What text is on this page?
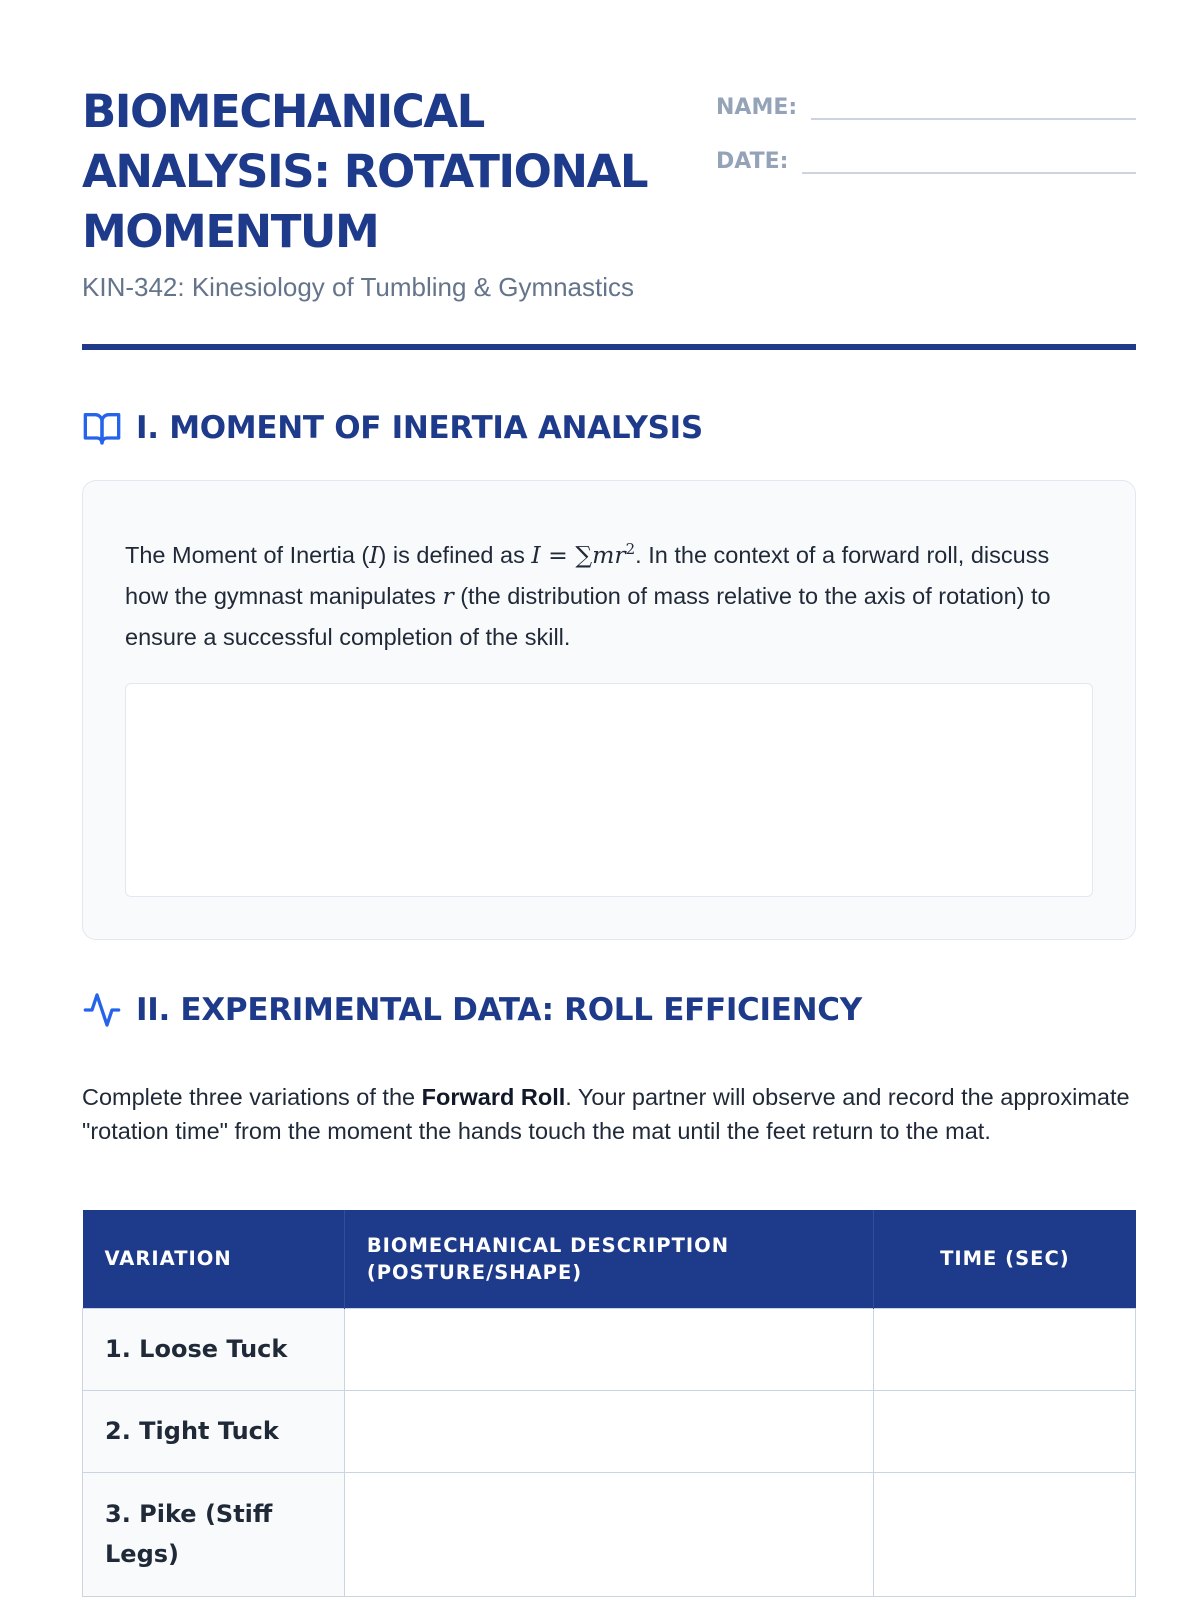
BIOMECHANICAL ANALYSIS: ROTATIONAL MOMENTUM
KIN-342: Kinesiology of Tumbling & Gymnastics
NAME:
DATE:
I. MOMENT OF INERTIA ANALYSIS

The Moment of Inertia (I) is defined as $I = \sum mr^2$. In the context of a forward roll, discuss how the gymnast manipulates r (the distribution of mass relative to the axis of rotation) to ensure a successful completion of the skill.

II. EXPERIMENTAL DATA: ROLL EFFICIENCY

Complete three variations of the Forward Roll. Your partner will observe and record the approximate "rotation time" from the moment the hands touch the mat until the feet return to the mat.

VARIATION	BIOMECHANICAL DESCRIPTION (POSTURE/SHAPE)	TIME (SEC)
1. Loose Tuck		
2. Tight Tuck		
3. Pike (Stiff Legs)		
